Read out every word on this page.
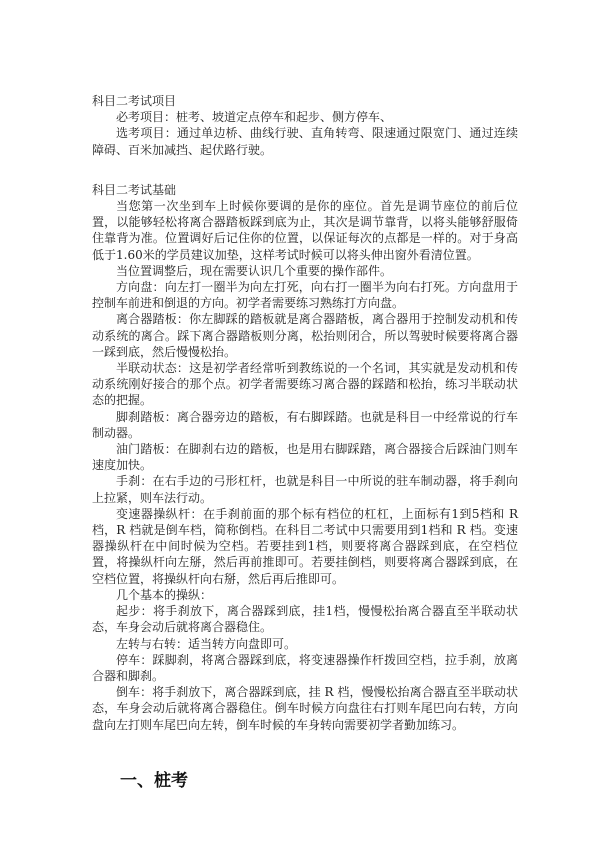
科目二考试项目

必考项目：桩考、坡道定点停车和起步、侧方停车、

选考项目：通过单边桥、曲线行驶、直角转弯、限速通过限宽门、通过连续障碍、百米加减挡、起伏路行驶。

科目二考试基础

当您第一次坐到车上时候你要调的是你的座位。首先是调节座位的前后位置，以能够轻松将离合器踏板踩到底为止，其次是调节靠背，以将头能够舒服倚住靠背为准。位置调好后记住你的位置，以保证每次的点都是一样的。对于身高低于1.60米的学员建议加垫，这样考试时候可以将头伸出窗外看清位置。

当位置调整后，现在需要认识几个重要的操作部件。

方向盘：向左打一圈半为向左打死，向右打一圈半为向右打死。方向盘用于控制车前进和倒退的方向。初学者需要练习熟练打方向盘。

离合器踏板：你左脚踩的踏板就是离合器踏板，离合器用于控制发动机和传动系统的离合。踩下离合器踏板则分离，松抬则闭合，所以驾驶时候要将离合器一踩到底，然后慢慢松抬。

半联动状态：这是初学者经常听到教练说的一个名词，其实就是发动机和传动系统刚好接合的那个点。初学者需要练习离合器的踩踏和松抬，练习半联动状态的把握。

脚刹踏板：离合器旁边的踏板，有右脚踩踏。也就是科目一中经常说的行车制动器。

油门踏板：在脚刹右边的踏板，也是用右脚踩踏，离合器接合后踩油门则车速度加快。

手刹：在右手边的弓形杠杆，也就是科目一中所说的驻车制动器，将手刹向上拉紧，则车法行动。

变速器操纵杆：在手刹前面的那个标有档位的杠杠，上面标有1到5档和 R 档，R 档就是倒车档，简称倒档。在科目二考试中只需要用到1档和 R 档。变速器操纵杆在中间时候为空档。若要挂到1档，则要将离合器踩到底，在空档位置，将操纵杆向左掰，然后再前推即可。若要挂倒档，则要将离合器踩到底，在空档位置，将操纵杆向右掰，然后再后推即可。

几个基本的操纵：

起步：将手刹放下，离合器踩到底，挂1档，慢慢松抬离合器直至半联动状态，车身会动后就将离合器稳住。

左转与右转：适当转方向盘即可。

停车：踩脚刹，将离合器踩到底，将变速器操作杆拨回空档，拉手刹，放离合器和脚刹。

倒车：将手刹放下，离合器踩到底，挂 R 档，慢慢松抬离合器直至半联动状态，车身会动后就将离合器稳住。倒车时候方向盘往右打则车尾巴向右转，方向盘向左打则车尾巴向左转，倒车时候的车身转向需要初学者勤加练习。

一、桩考
